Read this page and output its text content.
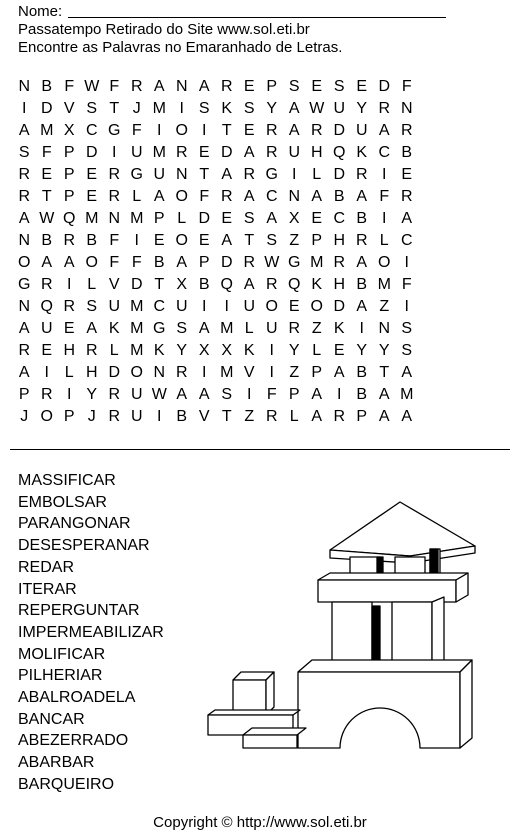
Nome:
Passatempo Retirado do Site www.sol.eti.br
Encontre as Palavras no Emaranhado de Letras.
N B F W F R A N A R E P S E S E D F
I D V S T J M I S K S Y A W U Y R N
A M X C G F I O I T E R A R D U A R
S F P D I U M R E D A R U H Q K C B
R E P E R G U N T A R G I L D R I E
R T P E R L A O F R A C N A B A F R
A W Q M N M P L D E S A X E C B I A
N B R B F I E O E A T S Z P H R L C
O A A O F F B A P D R W G M R A O I
G R I L V D T X B Q A R Q K H B M F
N Q R S U M C U I	I U O E O D A Z I
A U E A K M G S A M L U R Z K I N S
R E H R L M K Y X X K I Y L E Y Y S
A I L H D O N R I M V I Z P A B T A
P R I Y R U W A A S I F P A I B A M
J O P J R U I B V T Z R L A R P A A
MASSIFICAR
EMBOLSAR
PARANGONAR
DESESPERANAR
REDAR
ITERAR
REPERGUNTAR
IMPERMEABILIZAR
MOLIFICAR
PILHERIAR
ABALROADELA
BANCAR
ABEZERRADO
ABARBAR
BARQUEIRO
Copyright © http://www.sol.eti.br
